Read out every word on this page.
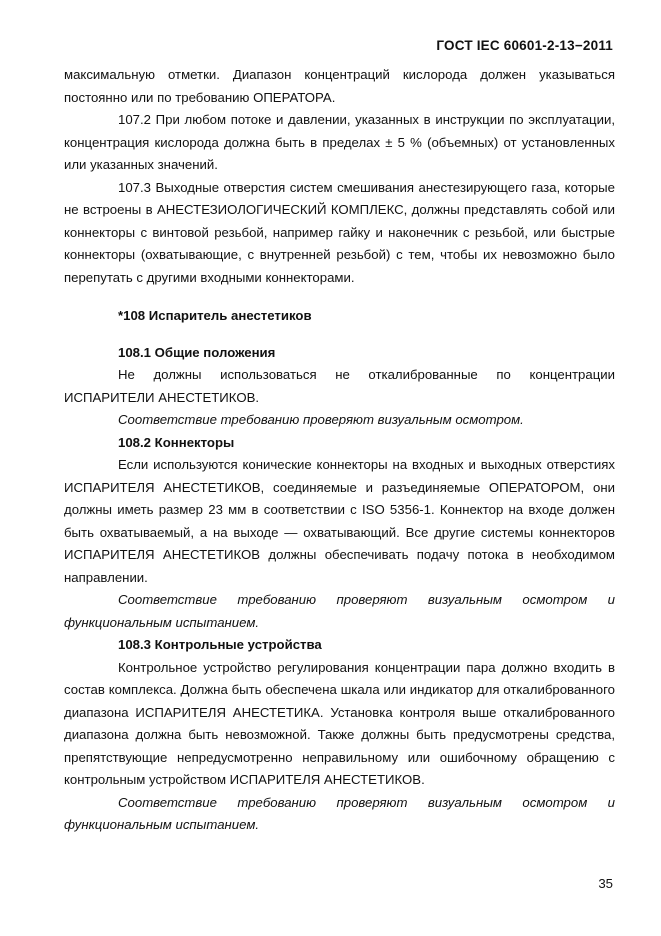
ГОСТ IEC 60601-2-13−2011

максимальную отметки. Диапазон концентраций кислорода должен указываться

постоянно или по требованию ОПЕРАТОРА.

107.2 При любом потоке и давлении, указанных в инструкции по эксплуатации, концентрация кислорода должна быть в пределах ± 5 % (объемных) от установленных или указанных значений.

107.3 Выходные отверстия систем смешивания анестезирующего газа, которые не встроены в АНЕСТЕЗИОЛОГИЧЕСКИЙ КОМПЛЕКС, должны представлять собой или коннекторы с винтовой резьбой, например гайку и наконечник с резьбой, или быстрые коннекторы (охватывающие, с внутренней резьбой) с тем, чтобы их невозможно было перепутать с другими входными коннекторами.

*108 Испаритель анестетиков

108.1 Общие положения

Не должны использоваться не откалиброванные по концентрации ИСПАРИТЕЛИ АНЕСТЕТИКОВ.

Соответствие требованию проверяют визуальным осмотром.

108.2 Коннекторы

Если используются конические коннекторы на входных и выходных отверстиях ИСПАРИТЕЛЯ АНЕСТЕТИКОВ, соединяемые и разъединяемые ОПЕРАТОРОМ, они должны иметь размер 23 мм в соответствии с ISO 5356-1. Коннектор на входе должен быть охватываемый, а на выходе — охватывающий. Все другие системы коннекторов ИСПАРИТЕЛЯ АНЕСТЕТИКОВ должны обеспечивать подачу потока в необходимом направлении.

Соответствие требованию проверяют визуальным осмотром и функциональным испытанием.

108.3 Контрольные устройства

Контрольное устройство регулирования концентрации пара должно входить в состав комплекса. Должна быть обеспечена шкала или индикатор для откалиброванного диапазона ИСПАРИТЕЛЯ АНЕСТЕТИКА. Установка контроля выше откалиброванного диапазона должна быть невозможной. Также должны быть предусмотрены средства, препятствующие непредусмотренно неправильному или ошибочному обращению с контрольным устройством ИСПАРИТЕЛЯ АНЕСТЕТИКОВ.

Соответствие требованию проверяют визуальным осмотром и функциональным испытанием.

35
